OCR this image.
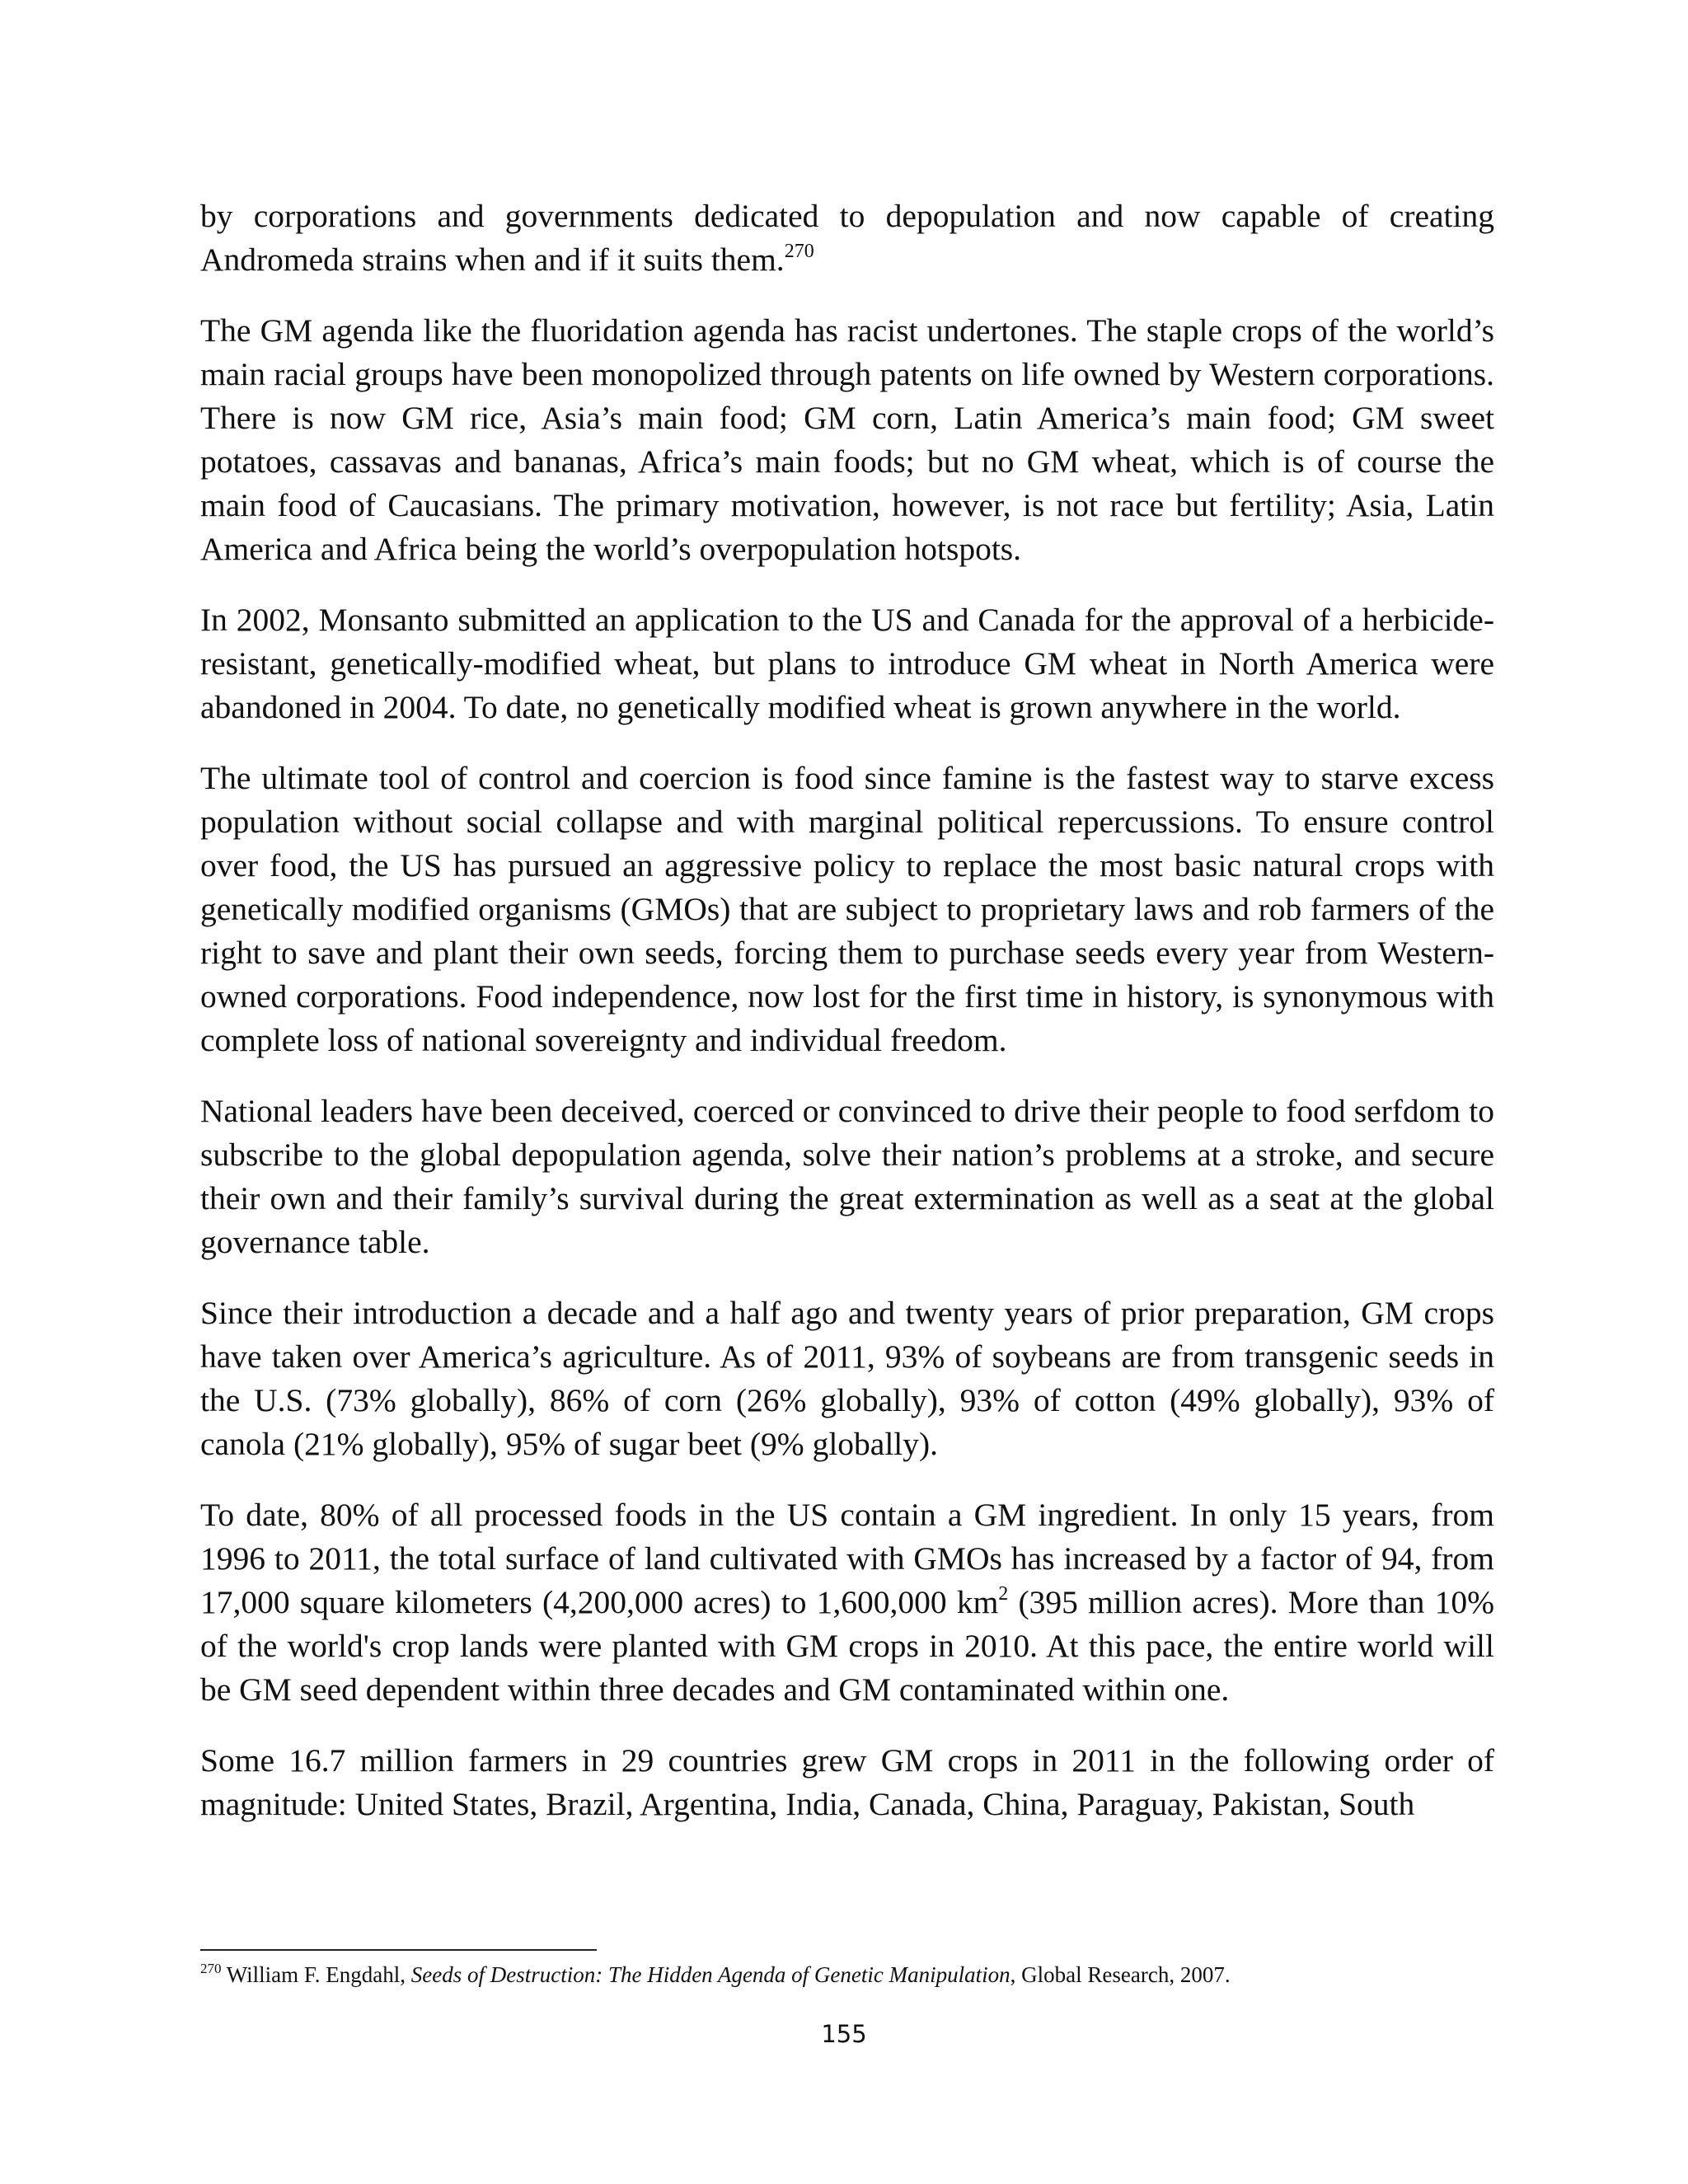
by corporations and governments dedicated to depopulation and now capable of creating Andromeda strains when and if it suits them.$^{270}$

The GM agenda like the fluoridation agenda has racist undertones. The staple crops of the world’s main racial groups have been monopolized through patents on life owned by Western corporations. There is now GM rice, Asia’s main food; GM corn, Latin America’s main food; GM sweet potatoes, cassavas and bananas, Africa’s main foods; but no GM wheat, which is of course the main food of Caucasians. The primary motivation, however, is not race but fertility; Asia, Latin America and Africa being the world’s overpopulation hotspots.

In 2002, Monsanto submitted an application to the US and Canada for the approval of a herbicide-resistant, genetically-modified wheat, but plans to introduce GM wheat in North America were abandoned in 2004. To date, no genetically modified wheat is grown anywhere in the world.

The ultimate tool of control and coercion is food since famine is the fastest way to starve excess population without social collapse and with marginal political repercussions. To ensure control over food, the US has pursued an aggressive policy to replace the most basic natural crops with genetically modified organisms (GMOs) that are subject to proprietary laws and rob farmers of the right to save and plant their own seeds, forcing them to purchase seeds every year from Western-owned corporations. Food independence, now lost for the first time in history, is synonymous with complete loss of national sovereignty and individual freedom.

National leaders have been deceived, coerced or convinced to drive their people to food serfdom to subscribe to the global depopulation agenda, solve their nation’s problems at a stroke, and secure their own and their family’s survival during the great extermination as well as a seat at the global governance table.

Since their introduction a decade and a half ago and twenty years of prior preparation, GM crops have taken over America’s agriculture. As of 2011, 93% of soybeans are from transgenic seeds in the U.S. (73% globally), 86% of corn (26% globally), 93% of cotton (49% globally), 93% of canola (21% globally), 95% of sugar beet (9% globally).

To date, 80% of all processed foods in the US contain a GM ingredient. In only 15 years, from 1996 to 2011, the total surface of land cultivated with GMOs has increased by a factor of 94, from 17,000 square kilometers (4,200,000 acres) to 1,600,000 $km^2$ (395 million acres). More than 10% of the world's crop lands were planted with GM crops in 2010. At this pace, the entire world will be GM seed dependent within three decades and GM contaminated within one.

Some 16.7 million farmers in 29 countries grew GM crops in 2011 in the following order of magnitude: United States, Brazil, Argentina, India, Canada, China, Paraguay, Pakistan, South

$^{270}$ William F. Engdahl, Seeds of Destruction: The Hidden Agenda of Genetic Manipulation, Global Research, 2007.
155
